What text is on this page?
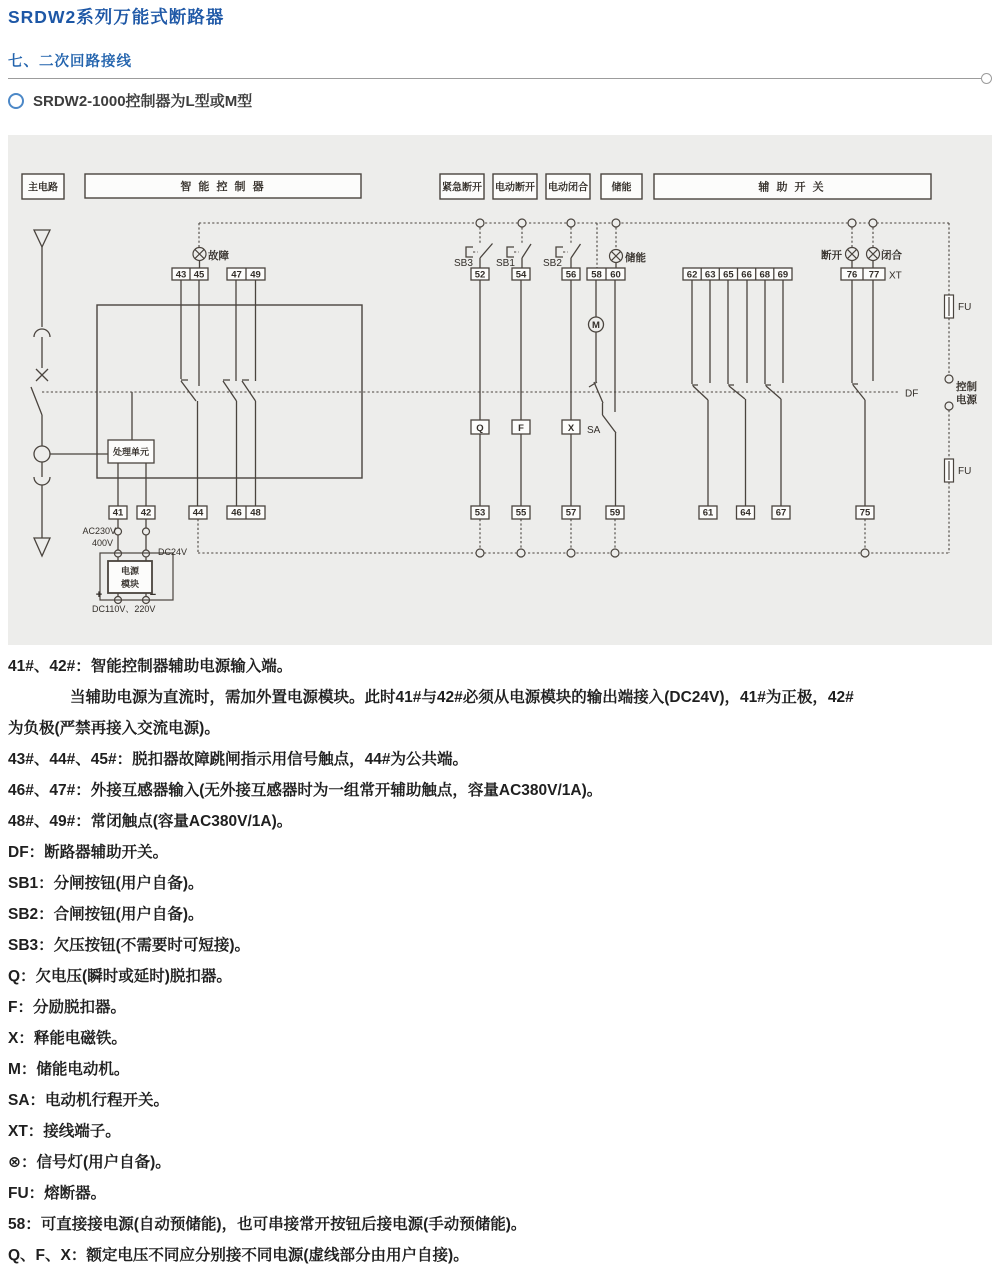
SRDW2系列万能式断路器
七、二次回路接线
SRDW2-1000控制器为L型或M型
M
主电路	智 能 控 制 器	紧急断开 电动断开 电动闭合 储能	辅 助 开 关
处理单元
电源
模块
+	−
AC230V
400V
DC24V
DC110V、220V
Q	F	X
43 45	47 49	52	54	56 58 60	62 63 65 66 68 69	76 77
41 42	44	46 48	53	55	57	59	61	64	67	75
故障	储能	断开	闭合
SB3 SB1	SB2
SA
XT
DF
FU
FU
控制
电源
41#、42#：智能控制器辅助电源输入端。
当辅助电源为直流时，需加外置电源模块。此时41#与42#必须从电源模块的输出端接入(DC24V)，41#为正极，42#
为负极(严禁再接入交流电源)。
43#、44#、45#：脱扣器故障跳闸指示用信号触点，44#为公共端。
46#、47#：外接互感器输入(无外接互感器时为一组常开辅助触点，容量AC380V/1A)。
48#、49#：常闭触点(容量AC380V/1A)。
DF：断路器辅助开关。
SB1：分闸按钮(用户自备)。
SB2：合闸按钮(用户自备)。
SB3：欠压按钮(不需要时可短接)。
Q：欠电压(瞬时或延时)脱扣器。
F：分励脱扣器。
X：释能电磁铁。
M：储能电动机。
SA：电动机行程开关。
XT：接线端子。
⊗：信号灯(用户自备)。
FU：熔断器。
58：可直接接电源(自动预储能)，也可串接常开按钮后接电源(手动预储能)。
Q、F、X：额定电压不同应分别接不同电源(虚线部分由用户自接)。
